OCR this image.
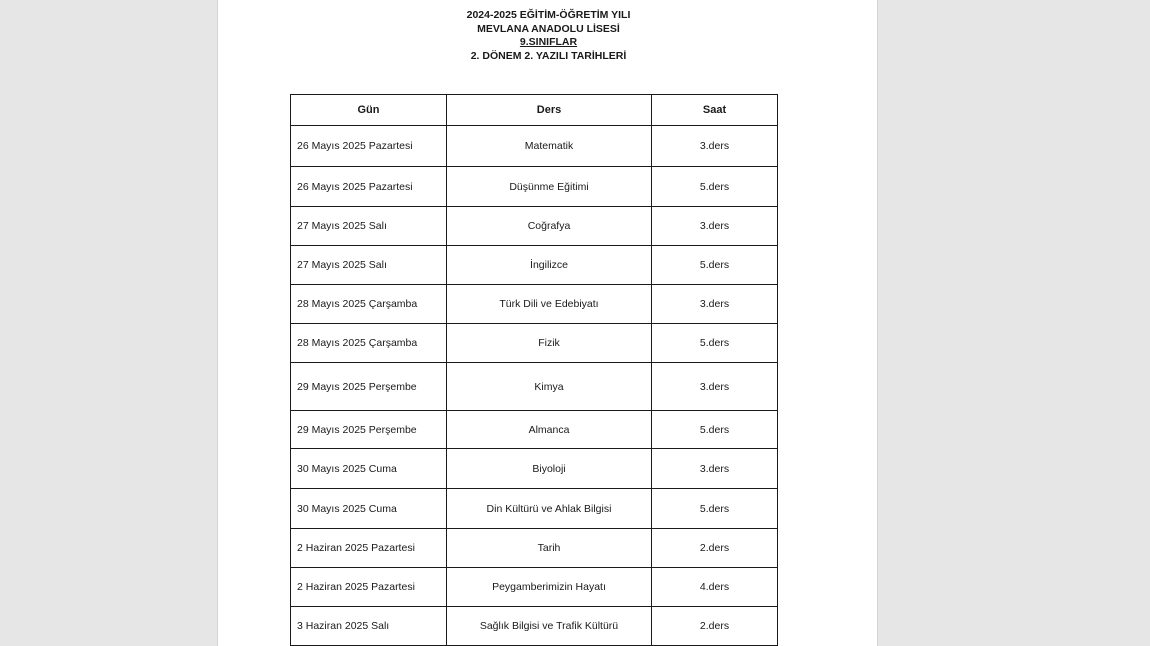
2024-2025 EĞİTİM-ÖĞRETİM YILI
MEVLANA ANADOLU LİSESİ
9.SINIFLAR
2. DÖNEM 2. YAZILI TARİHLERİ
Gün	Ders	Saat
26 Mayıs 2025 Pazartesi	Matematik	3.ders
26 Mayıs 2025 Pazartesi	Düşünme Eğitimi	5.ders
27 Mayıs 2025 Salı	Coğrafya	3.ders
27 Mayıs 2025 Salı	İngilizce	5.ders
28 Mayıs 2025 Çarşamba	Türk Dili ve Edebiyatı	3.ders
28 Mayıs 2025 Çarşamba	Fizik	5.ders
29 Mayıs 2025 Perşembe	Kimya	3.ders
29 Mayıs 2025 Perşembe	Almanca	5.ders
30 Mayıs 2025 Cuma	Biyoloji	3.ders
30 Mayıs 2025 Cuma	Din Kültürü ve Ahlak Bilgisi	5.ders
2 Haziran 2025 Pazartesi	Tarih	2.ders
2 Haziran 2025 Pazartesi	Peygamberimizin Hayatı	4.ders
3 Haziran 2025 Salı	Sağlık Bilgisi ve Trafik Kültürü	2.ders
